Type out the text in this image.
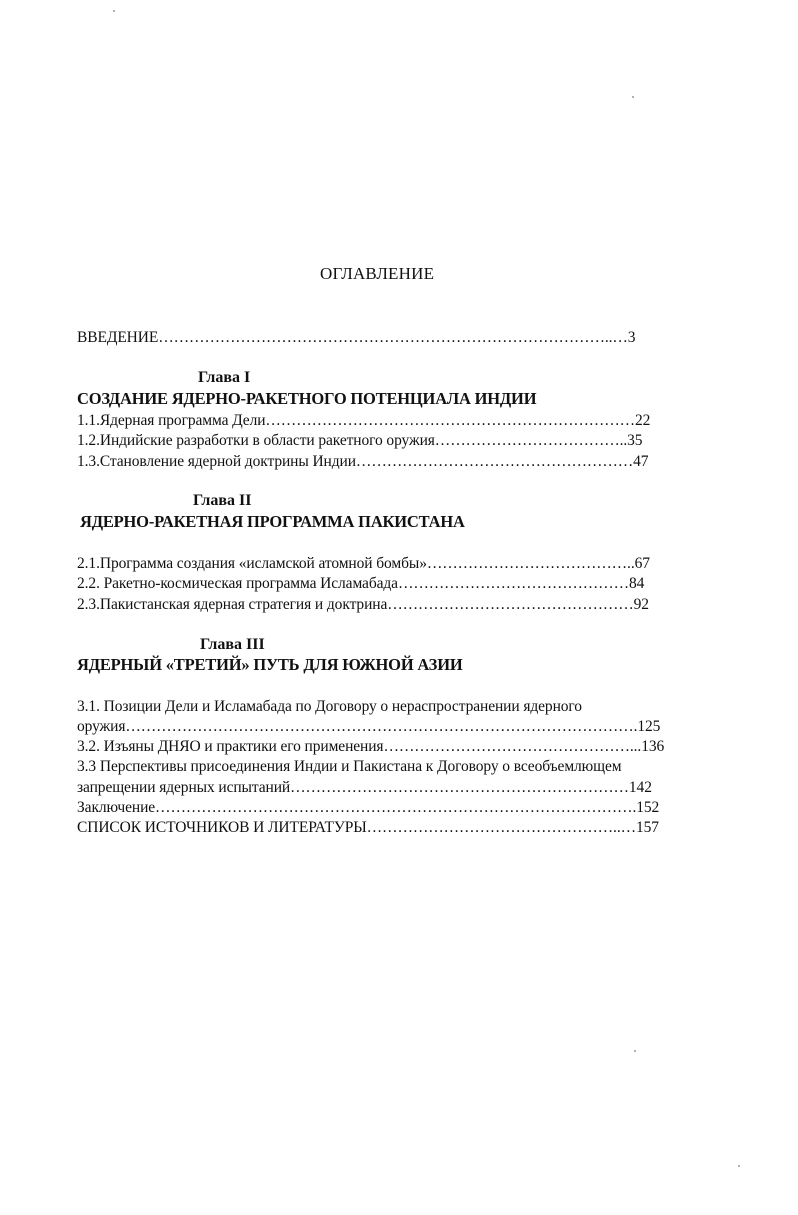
ОГЛАВЛЕНИЕ
ВВЕДЕНИЕ……………………………………………………………………………..…3
Глава I
СОЗДАНИЕ ЯДЕРНО-РАКЕТНОГО ПОТЕНЦИАЛА ИНДИИ
1.1.Ядерная программа Дели………………………………………………………………22
1.2.Индийские разработки в области ракетного оружия………………………………..35
1.3.Становление ядерной доктрины Индии………………………………………………47
Глава II
ЯДЕРНО-РАКЕТНАЯ ПРОГРАММА ПАКИСТАНА
2.1.Программа создания «исламской атомной бомбы»…………………………………..67
2.2. Ракетно-космическая программа Исламабада………………………………………84
2.3.Пакистанская ядерная стратегия и доктрина…………………………………………92
Глава III
ЯДЕРНЫЙ «ТРЕТИЙ» ПУТЬ ДЛЯ ЮЖНОЙ АЗИИ
3.1. Позиции Дели и Исламабада по Договору о нераспространении ядерного
оружия……………………………………………………………………………………….125
3.2. Изъяны ДНЯО и практики его применения…………………………………………...136
3.3 Перспективы присоединения Индии и Пакистана к Договору о всеобъемлющем
запрещении ядерных испытаний…………………………………………………………142
Заключение………………………………………………………………………………….152
СПИСОК ИСТОЧНИКОВ И ЛИТЕРАТУРЫ…………………………………………..…157
